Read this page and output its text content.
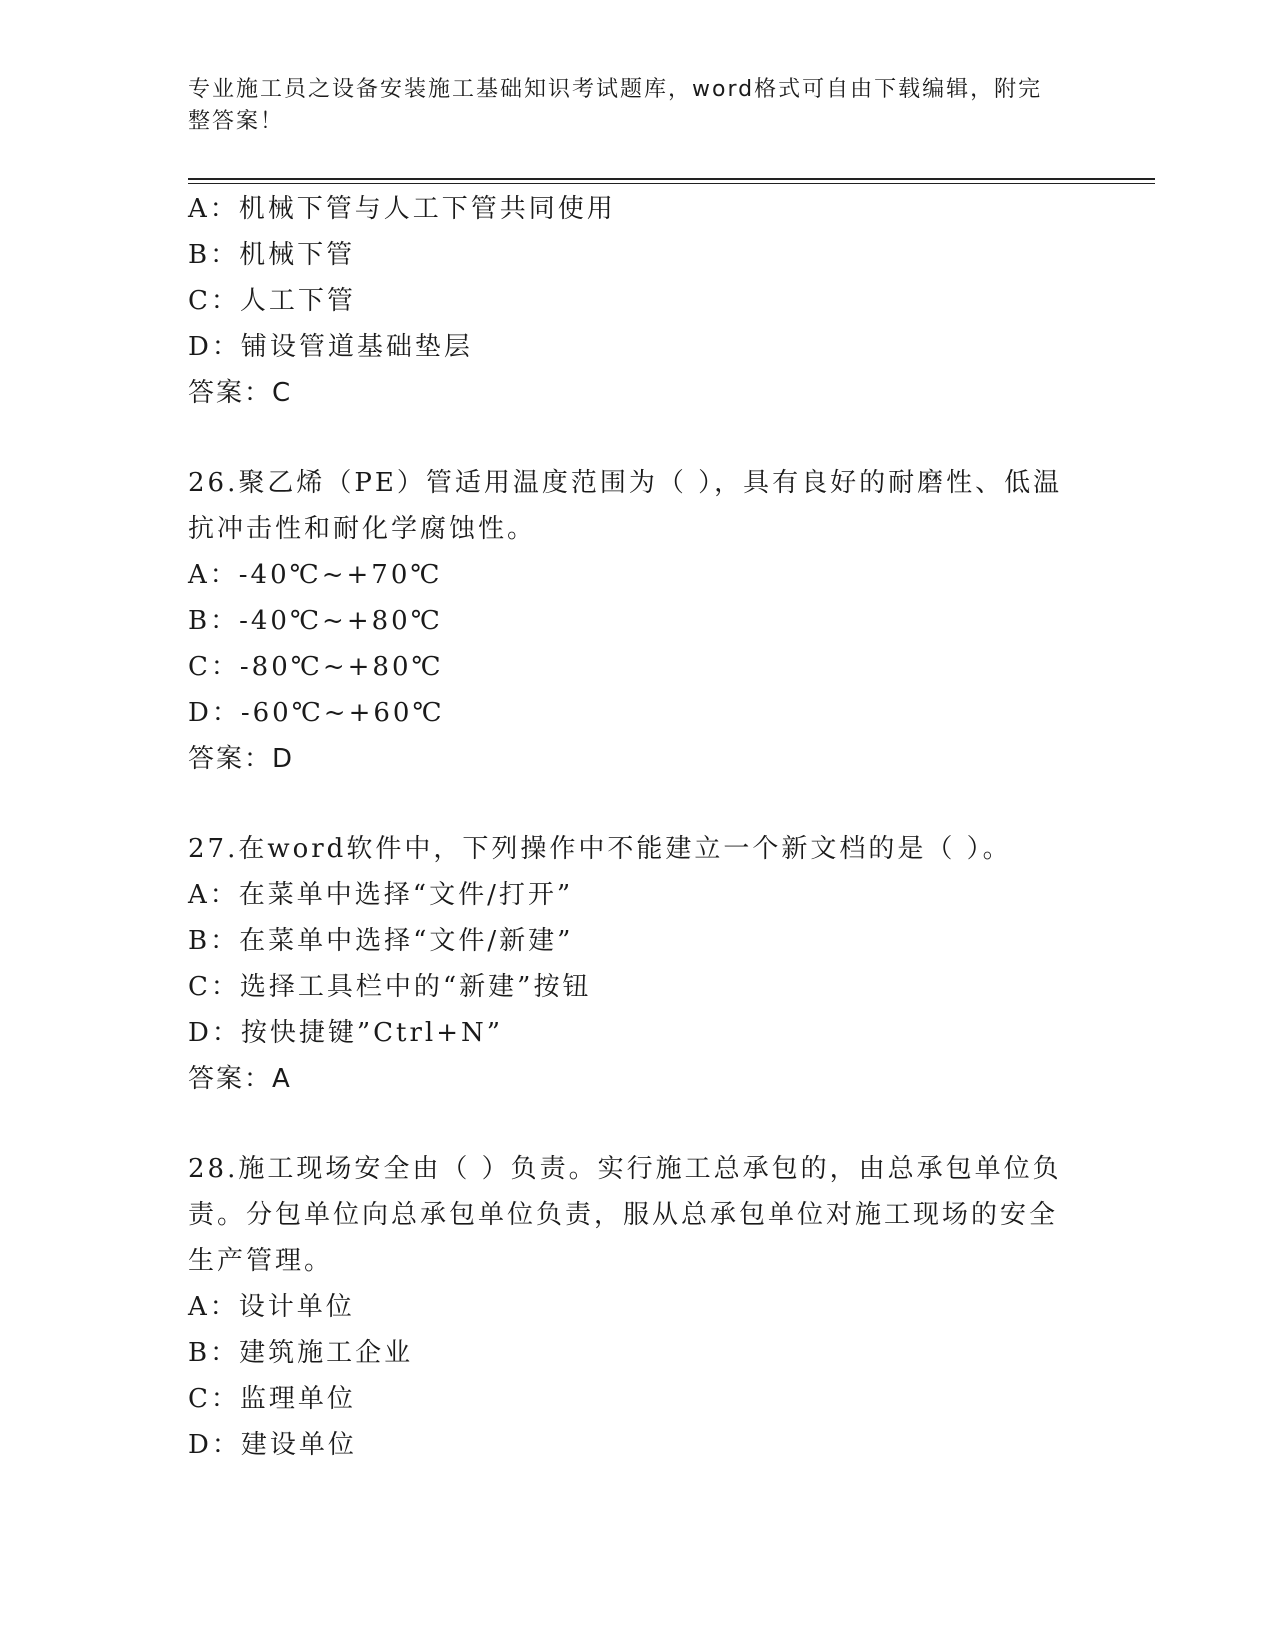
专业施工员之设备安装施工基础知识考试题库，word格式可自由下载编辑，附完
整答案！
A：机械下管与人工下管共同使用
B：机械下管
C：人工下管
D：铺设管道基础垫层
答案：C
26.聚乙烯（PE）管适用温度范围为（ ），具有良好的耐磨性、低温
抗冲击性和耐化学腐蚀性。
A：-40℃~+70℃
B：-40℃~+80℃
C：-80℃~+80℃
D：-60℃~+60℃
答案：D
27.在word软件中，下列操作中不能建立一个新文档的是（ ）。
A：在菜单中选择“文件/打开”
B：在菜单中选择“文件/新建”
C：选择工具栏中的“新建”按钮
D：按快捷键”Ctrl+N”
答案：A
28.施工现场安全由（ ）负责。实行施工总承包的，由总承包单位负
责。分包单位向总承包单位负责，服从总承包单位对施工现场的安全
生产管理。
A：设计单位
B：建筑施工企业
C：监理单位
D：建设单位
